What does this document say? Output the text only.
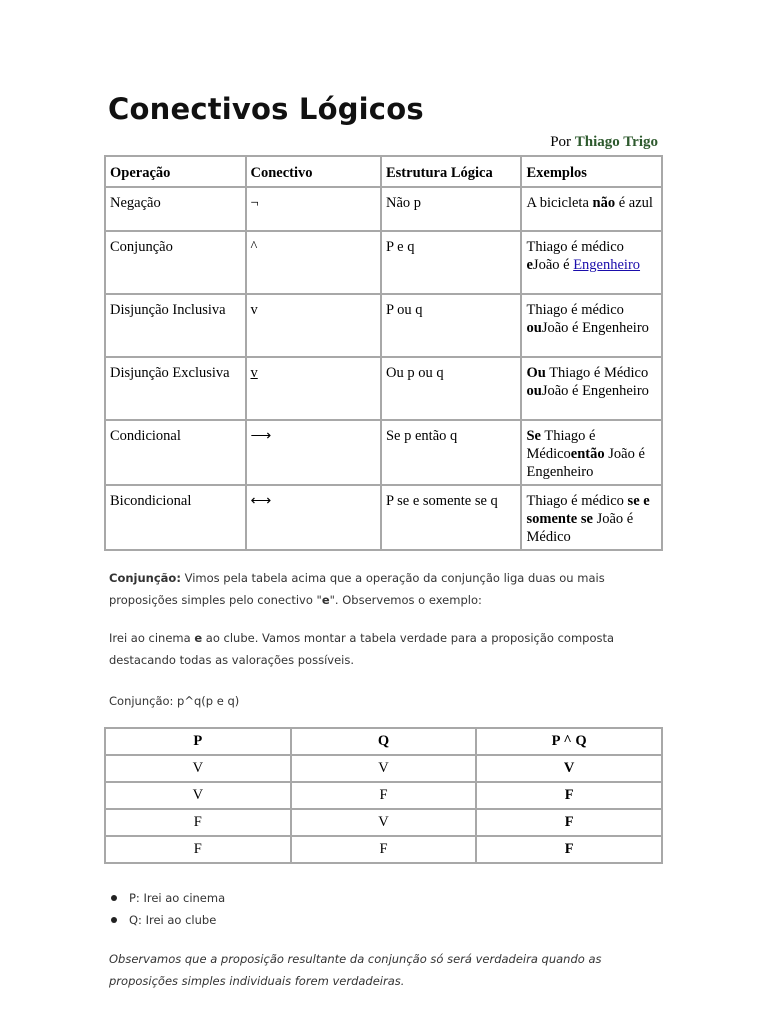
Conectivos Lógicos
Por Thiago Trigo
Operação	Conectivo	Estrutura Lógica	Exemplos
Negação	¬	Não p	A bicicleta não é azul
Conjunção	^	P e q	Thiago é médico eJoão é Engenheiro
Disjunção Inclusiva	v	P ou q	Thiago é médico ouJoão é Engenheiro
Disjunção Exclusiva	v	Ou p ou q	Ou Thiago é Médico ouJoão é Engenheiro
Condicional	⟶	Se p então q	Se Thiago é Médicoentão João é Engenheiro
Bicondicional	⟷	P se e somente se q	Thiago é médico se e somente se João é Médico

Conjunção: Vimos pela tabela acima que a operação da conjunção liga duas ou mais proposições simples pelo conectivo "e". Observemos o exemplo:

Irei ao cinema e ao clube. Vamos montar a tabela verdade para a proposição composta destacando todas as valorações possíveis.

Conjunção: p^q(p e q)

P	Q	P ^ Q
V	V	V
V	F	F
F	V	F
F	F	F
P: Irei ao cinema
Q: Irei ao clube

Observamos que a proposição resultante da conjunção só será verdadeira quando as proposições simples individuais forem verdadeiras.
